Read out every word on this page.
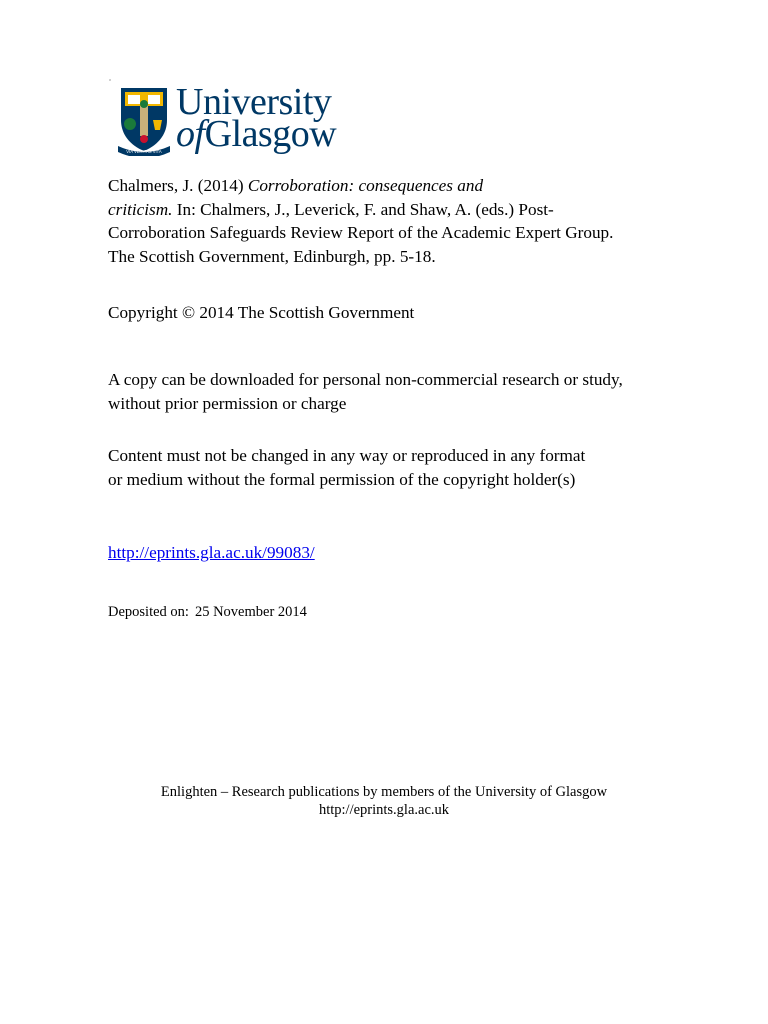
°
VIA VERITAS VITA
University
ofGlasgow
Chalmers, J. (2014) Corroboration: consequences and
criticism. In: Chalmers, J., Leverick, F. and Shaw, A. (eds.) Post-
Corroboration Safeguards Review Report of the Academic Expert Group.
The Scottish Government, Edinburgh, pp. 5-18.
Copyright © 2014 The Scottish Government
A copy can be downloaded for personal non-commercial research or study,
without prior permission or charge
Content must not be changed in any way or reproduced in any format
or medium without the formal permission of the copyright holder(s)
http://eprints.gla.ac.uk/99083/
Deposited on: 25 November 2014
Enlighten – Research publications by members of the University of Glasgow
http://eprints.gla.ac.uk
